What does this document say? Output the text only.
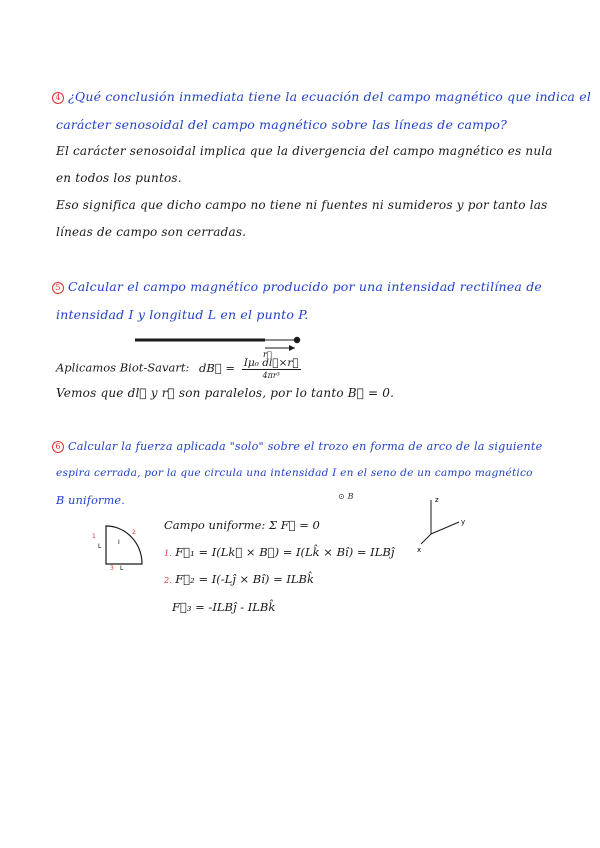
4 ¿Qué conclusión inmediata tiene la ecuación del campo magnético que indica el
carácter senosoidal del campo magnético sobre las líneas de campo?
El carácter senosoidal implica que la divergencia del campo magnético es nula
en todos los puntos.
Eso significa que dicho campo no tiene ni fuentes ni sumideros y por tanto las
líneas de campo son cerradas.
5 Calcular el campo magnético producido por una intensidad rectilínea de
intensidad I y longitud L en el punto P.
r⃗
Aplicamos Biot-Savart: dB⃗ = $\frac{\text{Iμ₀ dl⃗×r⃗}}{\text{4πr³}}$
Vemos que dl⃗ y r⃗ son paralelos, por lo tanto B⃗ = 0.
6 Calcular la fuerza aplicada "solo" sobre el trozo en forma de arco de la siguiente
espira cerrada, por la que circula una intensidad I en el seno de un campo magnético
B uniforme.	⊙ B	z
y
x
I
L
L
1
2
3
Campo uniforme: Σ F⃗ = 0
1. F⃗₁ = I(Lk⃗ × B⃗) = I(Lk̂ × Bî) = ILBĵ
2. F⃗₂ = I(-Lĵ × Bî) = ILBk̂
F⃗₃ = -ILBĵ - ILBk̂
